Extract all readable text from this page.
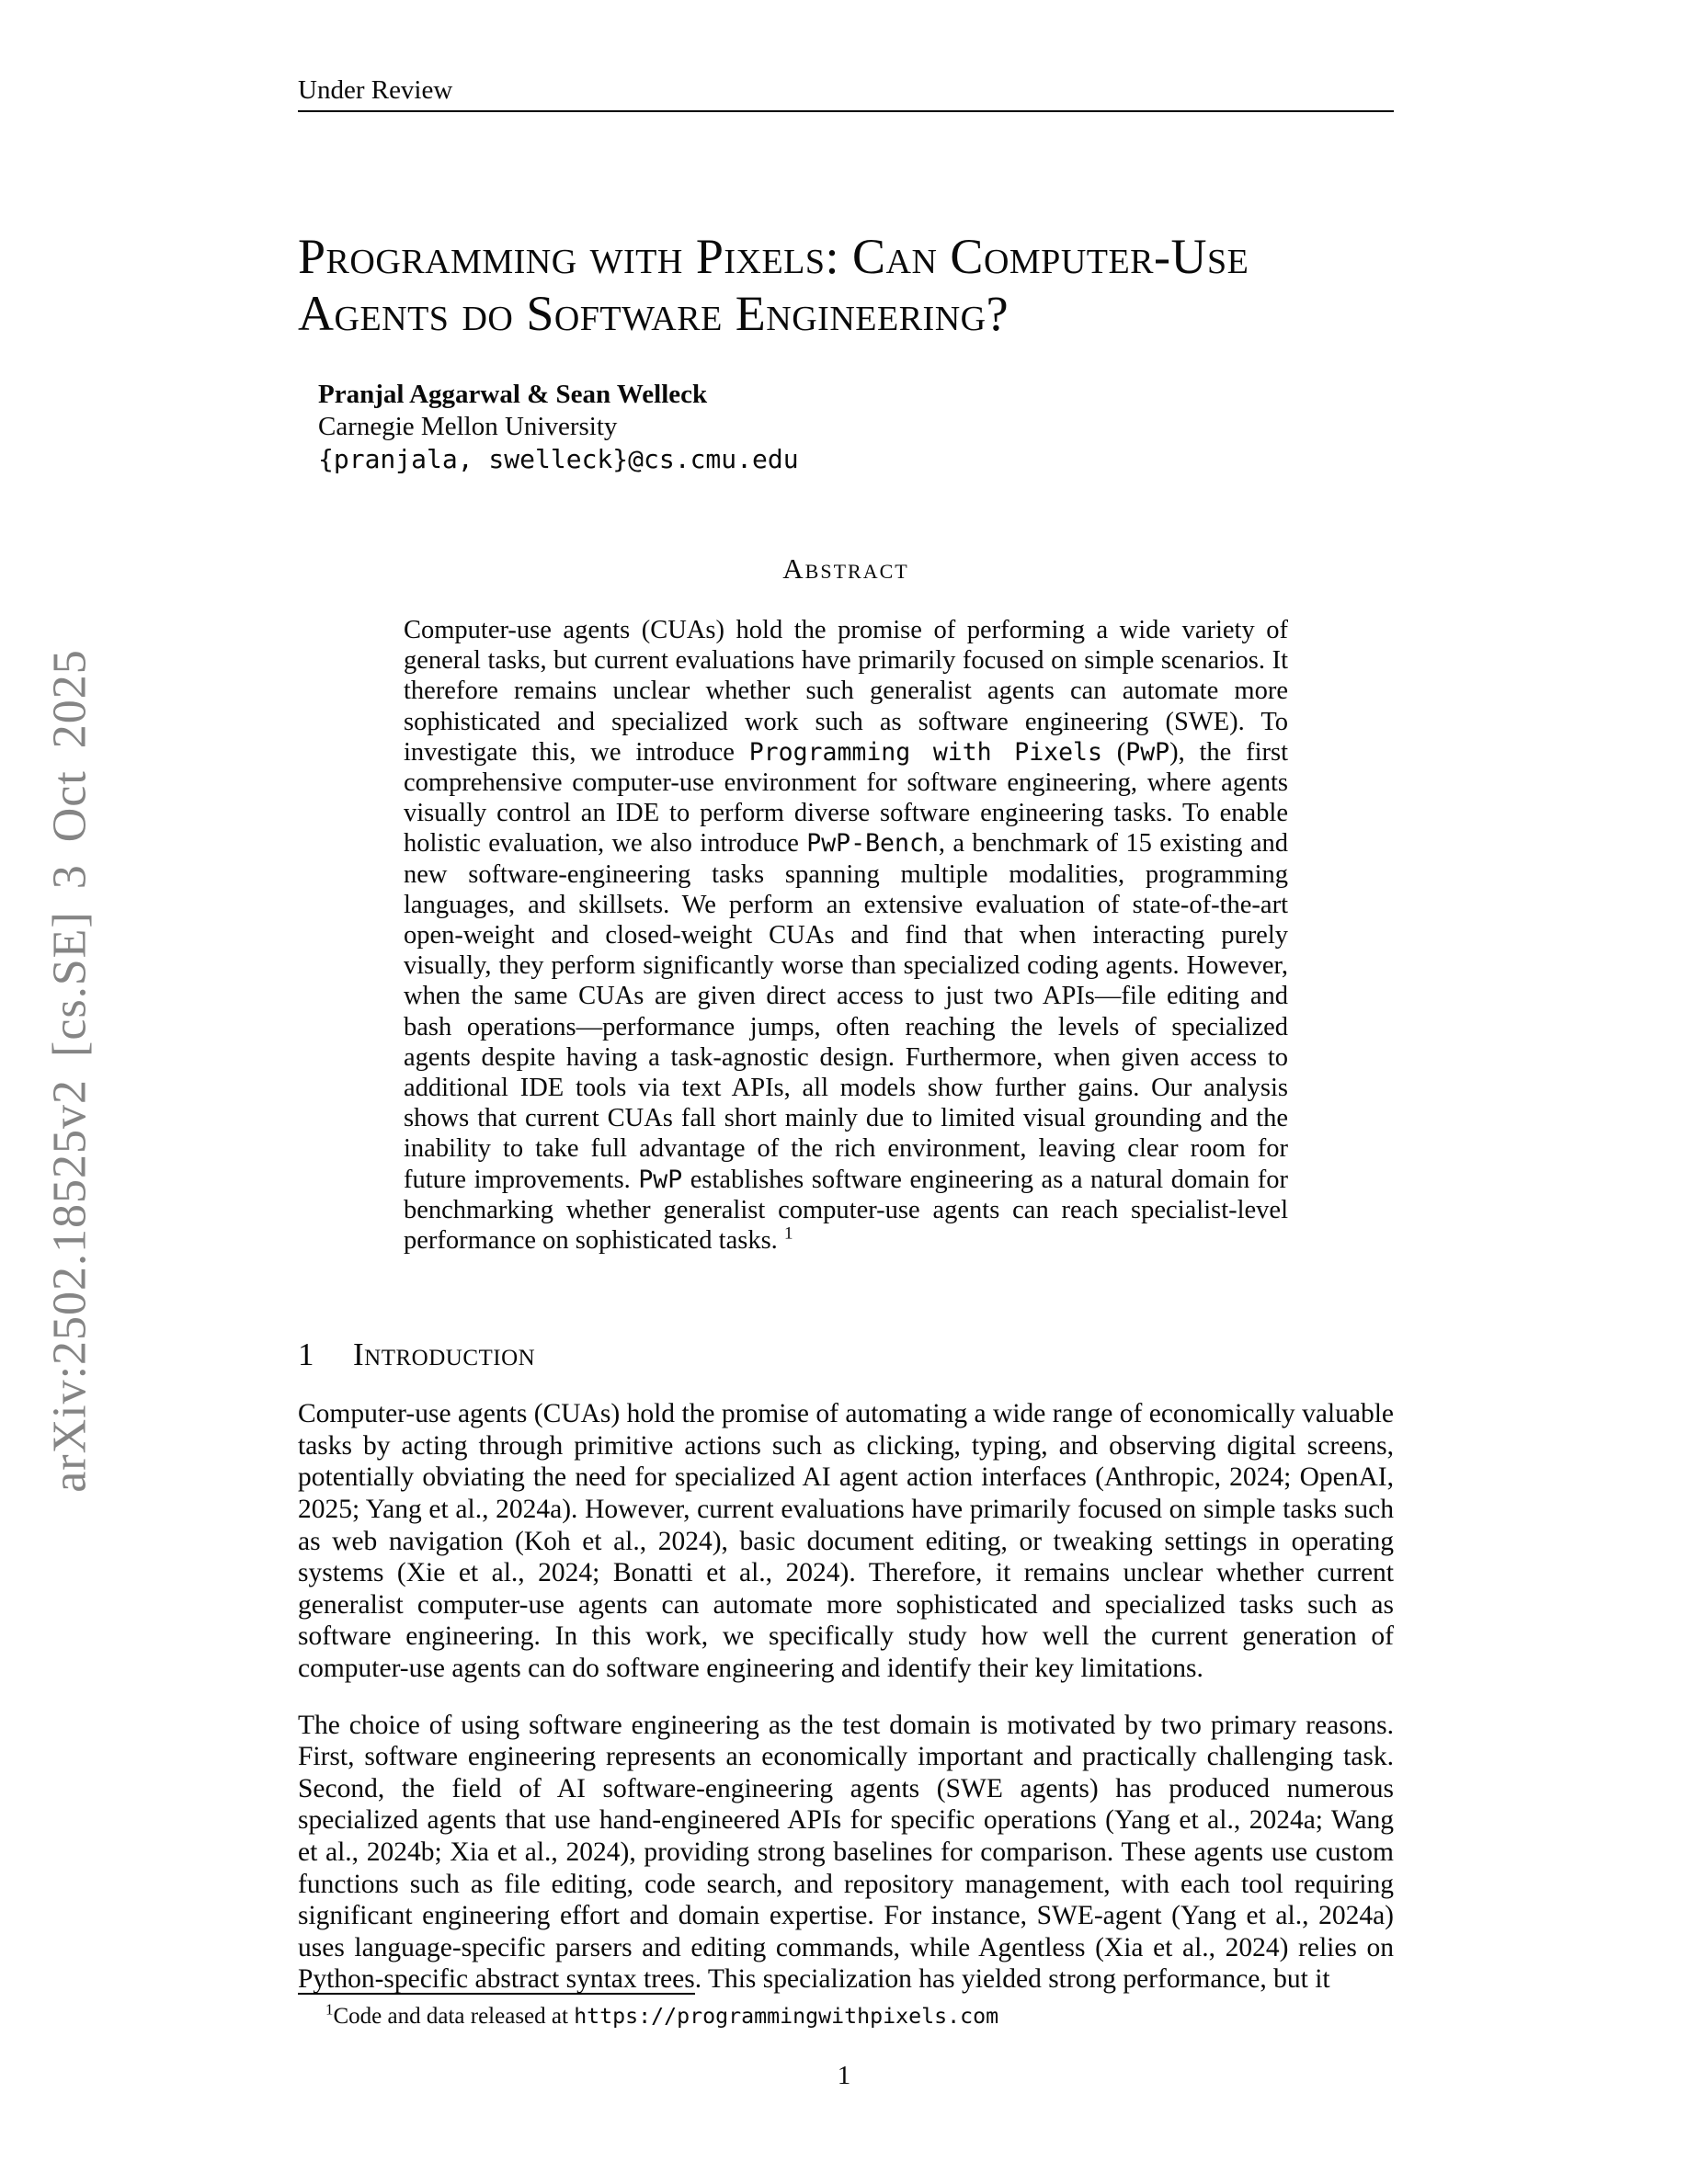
arXiv:2502.18525v2 [cs.SE] 3 Oct 2025
Under Review
Programming with Pixels: Can Computer-Use
Agents do Software Engineering?
Pranjal Aggarwal & Sean Welleck
Carnegie Mellon University
{pranjala, swelleck}@cs.cmu.edu
Abstract

Computer-use agents (CUAs) hold the promise of performing a wide variety of general tasks, but current evaluations have primarily focused on simple scenarios. It therefore remains unclear whether such generalist agents can automate more sophisticated and specialized work such as software engineering (SWE). To investigate this, we introduce Programming with Pixels (PwP), the first comprehensive computer-use environment for software engineering, where agents visually control an IDE to perform diverse software engineering tasks. To enable holistic evaluation, we also introduce PwP-Bench, a benchmark of 15 existing and new software-engineering tasks spanning multiple modalities, programming languages, and skillsets. We perform an extensive evaluation of state-of-the-art open-weight and closed-weight CUAs and find that when interacting purely visually, they perform significantly worse than specialized coding agents. However, when the same CUAs are given direct access to just two APIs—file editing and bash operations—performance jumps, often reaching the levels of specialized agents despite having a task-agnostic design. Furthermore, when given access to additional IDE tools via text APIs, all models show further gains. Our analysis shows that current CUAs fall short mainly due to limited visual grounding and the inability to take full advantage of the rich environment, leaving clear room for future improvements. PwP establishes software engineering as a natural domain for benchmarking whether generalist computer-use agents can reach specialist-level performance on sophisticated tasks. $^1$

1 Introduction

Computer-use agents (CUAs) hold the promise of automating a wide range of economically valuable tasks by acting through primitive actions such as clicking, typing, and observing digital screens, potentially obviating the need for specialized AI agent action interfaces (Anthropic, 2024; OpenAI, 2025; Yang et al., 2024a). However, current evaluations have primarily focused on simple tasks such as web navigation (Koh et al., 2024), basic document editing, or tweaking settings in operating systems (Xie et al., 2024; Bonatti et al., 2024). Therefore, it remains unclear whether current generalist computer-use agents can automate more sophisticated and specialized tasks such as software engineering. In this work, we specifically study how well the current generation of computer-use agents can do software engineering and identify their key limitations.

The choice of using software engineering as the test domain is motivated by two primary reasons. First, software engineering represents an economically important and practically challenging task. Second, the field of AI software-engineering agents (SWE agents) has produced numerous specialized agents that use hand-engineered APIs for specific operations (Yang et al., 2024a; Wang et al., 2024b; Xia et al., 2024), providing strong baselines for comparison. These agents use custom functions such as file editing, code search, and repository management, with each tool requiring significant engineering effort and domain expertise. For instance, SWE-agent (Yang et al., 2024a) uses language-specific parsers and editing commands, while Agentless (Xia et al., 2024) relies on Python-specific abstract syntax trees. This specialization has yielded strong performance, but it

$^1$Code and data released at https://programmingwithpixels.com
1
